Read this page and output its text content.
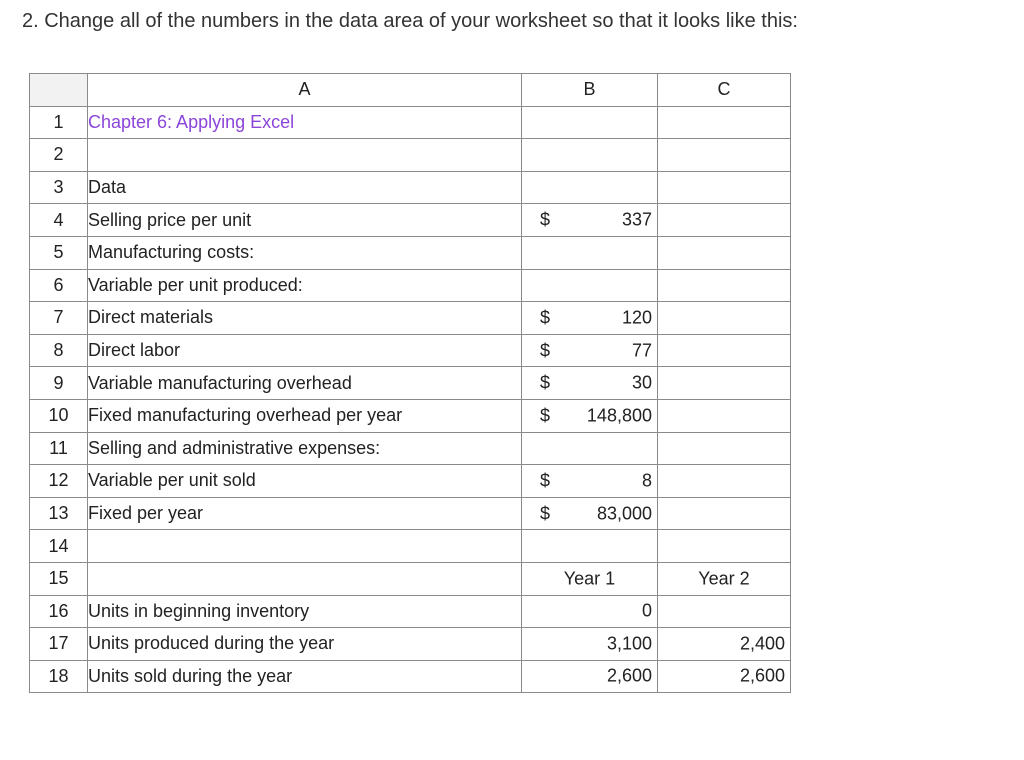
2. Change all of the numbers in the data area of your worksheet so that it looks like this:
	A	B	C
1	Chapter 6: Applying Excel		
2			
3	Data		
4	Selling price per unit	$ 337	

5	Manufacturing costs:		
6	Variable per unit produced:		
7	Direct materials	$ 120	

8	Direct labor	$ 77	

9	Variable manufacturing overhead	$ 30	

10	Fixed manufacturing overhead per year	$ 148,800	

11	Selling and administrative expenses:		
12	Variable per unit sold	$ 8	

13	Fixed per year	$ 83,000	

14			
15		Year 1	Year 2

16	Units in beginning inventory	0	

17	Units produced during the year	3,100	2,400

18	Units sold during the year	2,600	2,600
